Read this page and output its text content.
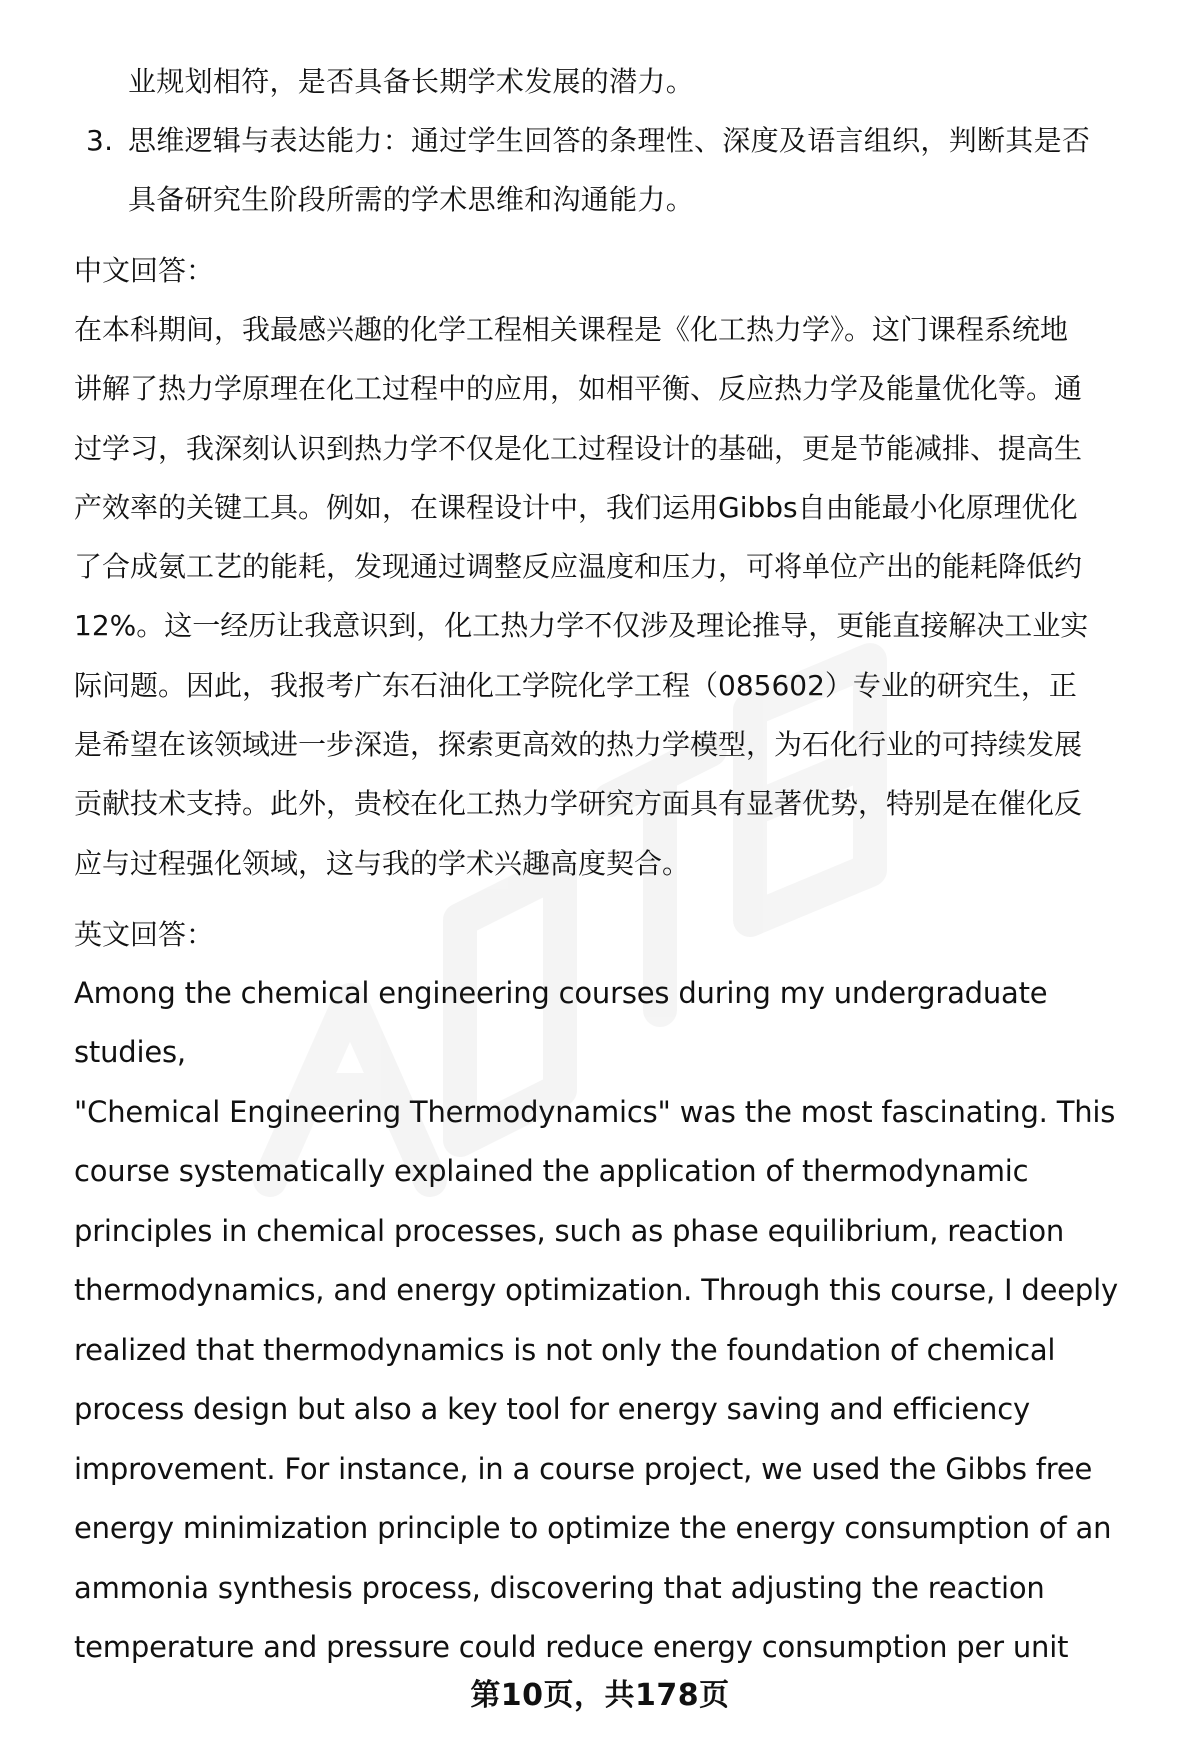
业规划相符，是否具备长期学术发展的潜力。
3. 思维逻辑与表达能力：通过学生回答的条理性、深度及语言组织，判断其是否
具备研究生阶段所需的学术思维和沟通能力。
中文回答：
在本科期间，我最感兴趣的化学工程相关课程是《化工热力学》。这门课程系统地
讲解了热力学原理在化工过程中的应用，如相平衡、反应热力学及能量优化等。通
过学习，我深刻认识到热力学不仅是化工过程设计的基础，更是节能减排、提高生
产效率的关键工具。例如，在课程设计中，我们运用Gibbs自由能最小化原理优化
了合成氨工艺的能耗，发现通过调整反应温度和压力，可将单位产出的能耗降低约
12%。这一经历让我意识到，化工热力学不仅涉及理论推导，更能直接解决工业实
际问题。因此，我报考广东石油化工学院化学工程（085602）专业的研究生，正
是希望在该领域进一步深造，探索更高效的热力学模型，为石化行业的可持续发展
贡献技术支持。此外，贵校在化工热力学研究方面具有显著优势，特别是在催化反
应与过程强化领域，这与我的学术兴趣高度契合。
英文回答：
Among the chemical engineering courses during my undergraduate studies,
"Chemical Engineering Thermodynamics" was the most fascinating. This
course systematically explained the application of thermodynamic
principles in chemical processes, such as phase equilibrium, reaction
thermodynamics, and energy optimization. Through this course, I deeply
realized that thermodynamics is not only the foundation of chemical
process design but also a key tool for energy saving and efficiency
improvement. For instance, in a course project, we used the Gibbs free
energy minimization principle to optimize the energy consumption of an
ammonia synthesis process, discovering that adjusting the reaction
temperature and pressure could reduce energy consumption per unit
第10页，共178页
